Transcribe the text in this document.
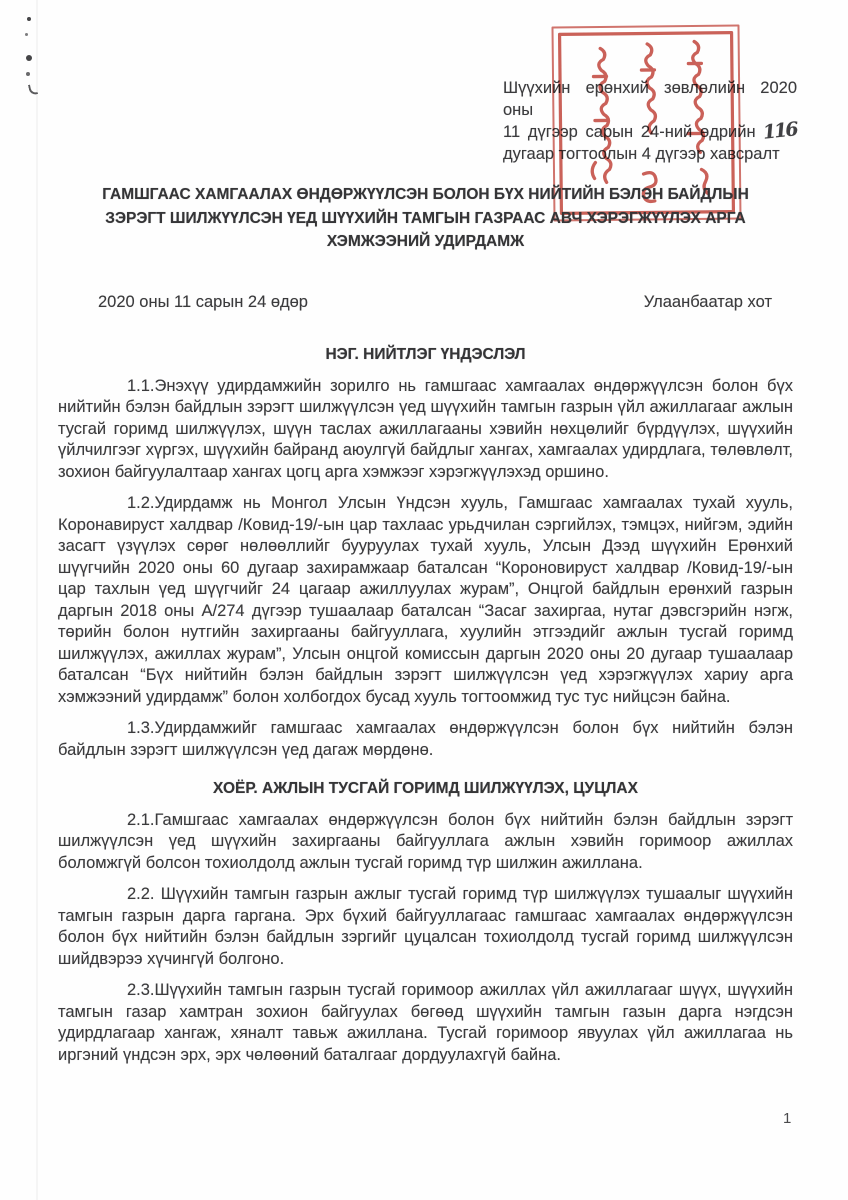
Шүүхийн ерөнхий зөвлөлийн 2020 оны
11 дүгээр сарын 24-ний өдрийн 116
дугаар тогтоолын 4 дүгээр хавсралт
ГАМШГААС ХАМГААЛАХ ӨНДӨРЖҮҮЛСЭН БОЛОН БҮХ НИЙТИЙН БЭЛЭН БАЙДЛЫН
ЗЭРЭГТ ШИЛЖҮҮЛСЭН ҮЕД ШҮҮХИЙН ТАМГЫН ГАЗРААС АВЧ ХЭРЭГЖҮҮЛЭХ АРГА
ХЭМЖЭЭНИЙ УДИРДАМЖ
2020 оны 11 сарын 24 өдөр	Улаанбаатар хот
НЭГ. НИЙТЛЭГ ҮНДЭСЛЭЛ

1.1.Энэхүү удирдамжийн зорилго нь гамшгаас хамгаалах өндөржүүлсэн болон бүх нийтийн бэлэн байдлын зэрэгт шилжүүлсэн үед шүүхийн тамгын газрын үйл ажиллагааг ажлын тусгай горимд шилжүүлэх, шүүн таслах ажиллагааны хэвийн нөхцөлийг бүрдүүлэх, шүүхийн үйлчилгээг хүргэх, шүүхийн байранд аюулгүй байдлыг хангах, хамгаалах удирдлага, төлөвлөлт, зохион байгуулалтаар хангах цогц арга хэмжээг хэрэгжүүлэхэд оршино.

1.2.Удирдамж нь Монгол Улсын Үндсэн хууль, Гамшгаас хамгаалах тухай хууль, Коронавируст халдвар /Ковид-19/-ын цар тахлаас урьдчилан сэргийлэх, тэмцэх, нийгэм, эдийн засагт үзүүлэх сөрөг нөлөөллийг бууруулах тухай хууль, Улсын Дээд шүүхийн Ерөнхий шүүгчийн 2020 оны 60 дугаар захирамжаар баталсан “Короновируст халдвар /Ковид-19/-ын цар тахлын үед шүүгчийг 24 цагаар ажиллуулах журам”, Онцгой байдлын ерөнхий газрын даргын 2018 оны А/274 дүгээр тушаалаар баталсан “Засаг захиргаа, нутаг дэвсгэрийн нэгж, төрийн болон нутгийн захиргааны байгууллага, хуулийн этгээдийг ажлын тусгай горимд шилжүүлэх, ажиллах журам”, Улсын онцгой комиссын даргын 2020 оны 20 дугаар тушаалаар баталсан “Бүх нийтийн бэлэн байдлын зэрэгт шилжүүлсэн үед хэрэгжүүлэх хариу арга хэмжээний удирдамж” болон холбогдох бусад хууль тогтоомжид тус тус нийцсэн байна.

1.3.Удирдамжийг гамшгаас хамгаалах өндөржүүлсэн болон бүх нийтийн бэлэн байдлын зэрэгт шилжүүлсэн үед дагаж мөрдөнө.

ХОЁР. АЖЛЫН ТУСГАЙ ГОРИМД ШИЛЖҮҮЛЭХ, ЦУЦЛАХ

2.1.Гамшгаас хамгаалах өндөржүүлсэн болон бүх нийтийн бэлэн байдлын зэрэгт шилжүүлсэн үед шүүхийн захиргааны байгууллага ажлын хэвийн горимоор ажиллах боломжгүй болсон тохиолдолд ажлын тусгай горимд түр шилжин ажиллана.

2.2. Шүүхийн тамгын газрын ажлыг тусгай горимд түр шилжүүлэх тушаалыг шүүхийн тамгын газрын дарга гаргана. Эрх бүхий байгууллагаас гамшгаас хамгаалах өндөржүүлсэн болон бүх нийтийн бэлэн байдлын зэргийг цуцалсан тохиолдолд тусгай горимд шилжүүлсэн шийдвэрээ хүчингүй болгоно.

2.3.Шүүхийн тамгын газрын тусгай горимоор ажиллах үйл ажиллагааг шүүх, шүүхийн тамгын газар хамтран зохион байгуулах бөгөөд шүүхийн тамгын газын дарга нэгдсэн удирдлагаар хангаж, хяналт тавьж ажиллана. Тусгай горимоор явуулах үйл ажиллагаа нь иргэний үндсэн эрх, эрх чөлөөний баталгааг дордуулахгүй байна.

1
